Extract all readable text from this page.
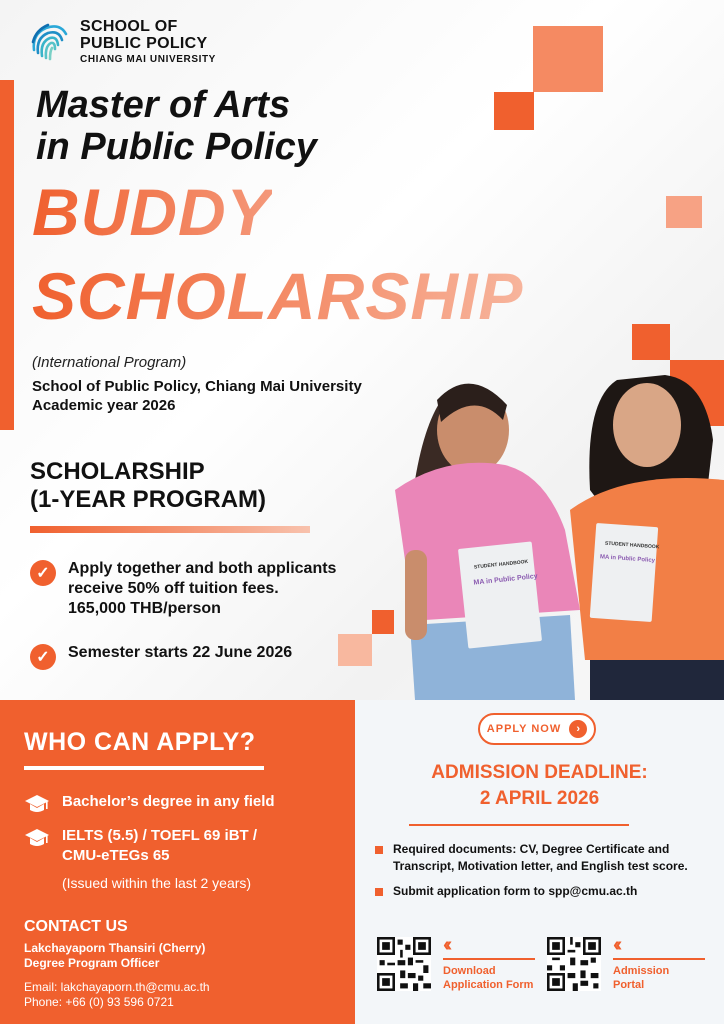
SCHOOL OF
PUBLIC POLICY
CHIANG MAI UNIVERSITY
Master of Arts
in Public Policy
BUDDY
SCHOLARSHIP
(International Program)
School of Public Policy, Chiang Mai University
Academic year 2026
SCHOLARSHIP
(1-YEAR PROGRAM)
✓	Apply together and both applicants
receive 50% off tuition fees.
165,000 THB/person
✓	Semester starts 22 June 2026
STUDENT HANDBOOK
MA in Public Policy
STUDENT HANDBOOK
MA in Public Policy
WHO CAN APPLY?
Bachelor’s degree in any field
IELTS (5.5) / TOEFL 69 iBT /
CMU-eTEGs 65
(Issued within the last 2 years)
CONTACT US
Lakchayaporn Thansiri (Cherry)
Degree Program Officer
Email: lakchayaporn.th@cmu.ac.th
Phone: +66 (0) 93 596 0721
APPLY NOW	›
ADMISSION DEADLINE:
2 APRIL 2026
Required documents: CV, Degree Certificate and
Transcript, Motivation letter, and English test score.
Submit application form to spp@cmu.ac.th
‹‹
Download
Application Form
‹‹
Admission
Portal
